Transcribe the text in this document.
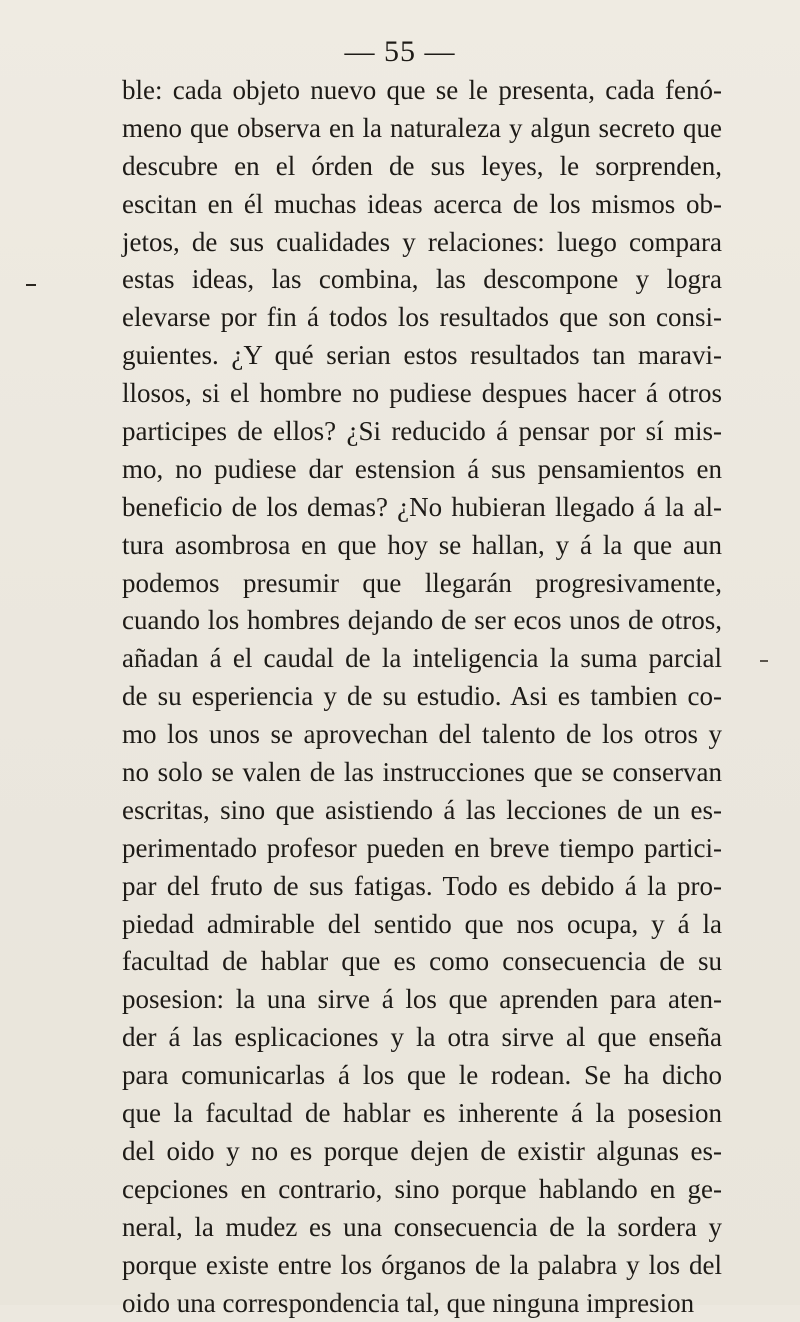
— 55 —
ble: cada objeto nuevo que se le presenta, cada fenó-
meno que observa en la naturaleza y algun secreto que
descubre en el órden de sus leyes, le sorprenden,
escitan en él muchas ideas acerca de los mismos ob-
jetos, de sus cualidades y relaciones: luego compara
estas ideas, las combina, las descompone y logra
elevarse por fin á todos los resultados que son consi-
guientes. ¿Y qué serian estos resultados tan maravi-
llosos, si el hombre no pudiese despues hacer á otros
participes de ellos? ¿Si reducido á pensar por sí mis-
mo, no pudiese dar estension á sus pensamientos en
beneficio de los demas? ¿No hubieran llegado á la al-
tura asombrosa en que hoy se hallan, y á la que aun
podemos presumir que llegarán progresivamente,
cuando los hombres dejando de ser ecos unos de otros,
añadan á el caudal de la inteligencia la suma parcial
de su esperiencia y de su estudio. Asi es tambien co-
mo los unos se aprovechan del talento de los otros y
no solo se valen de las instrucciones que se conservan
escritas, sino que asistiendo á las lecciones de un es-
perimentado profesor pueden en breve tiempo partici-
par del fruto de sus fatigas. Todo es debido á la pro-
piedad admirable del sentido que nos ocupa, y á la
facultad de hablar que es como consecuencia de su
posesion: la una sirve á los que aprenden para aten-
der á las esplicaciones y la otra sirve al que enseña
para comunicarlas á los que le rodean. Se ha dicho
que la facultad de hablar es inherente á la posesion
del oido y no es porque dejen de existir algunas es-
cepciones en contrario, sino porque hablando en ge-
neral, la mudez es una consecuencia de la sordera y
porque existe entre los órganos de la palabra y los del
oido una correspondencia tal, que ninguna impresion
